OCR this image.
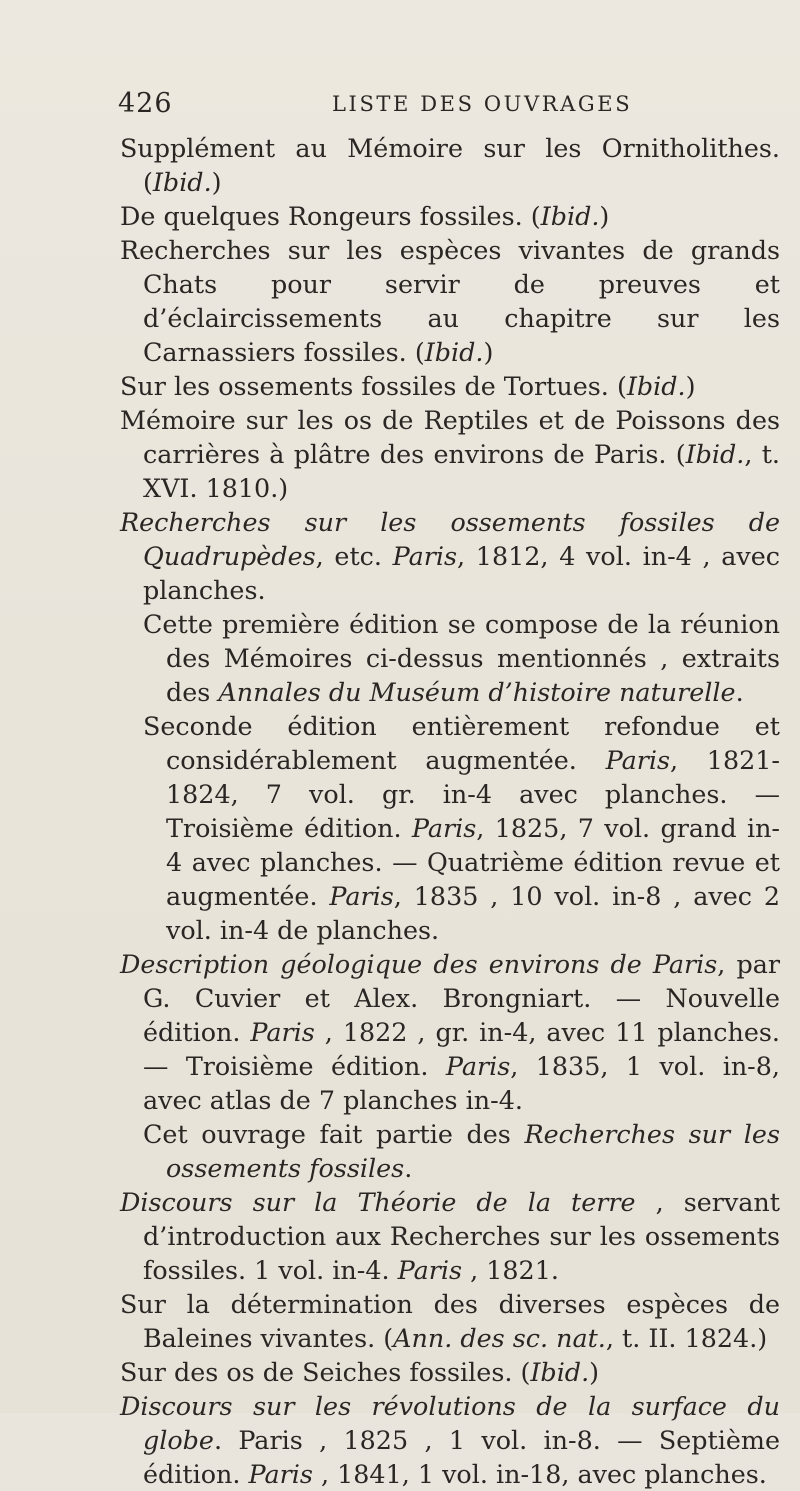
426	LISTE DES OUVRAGES

Supplément au Mémoire sur les Ornitholithes. (Ibid.)

De quelques Rongeurs fossiles. (Ibid.)

Recherches sur les espèces vivantes de grands Chats pour servir de preuves et d’éclaircissements au chapitre sur les Carnassiers fossiles. (Ibid.)

Sur les ossements fossiles de Tortues. (Ibid.)

Mémoire sur les os de Reptiles et de Poissons des carrières à plâtre des environs de Paris. (Ibid., t. XVI. 1810.)

Recherches sur les ossements fossiles de Quadrupèdes, etc. Paris, 1812, 4 vol. in-4 , avec planches.

Cette première édition se compose de la réunion des Mémoires ci-dessus mentionnés , extraits des Annales du Muséum d’histoire naturelle.

Seconde édition entièrement refondue et considérablement augmentée. Paris, 1821-1824, 7 vol. gr. in-4 avec planches. — Troisième édition. Paris, 1825, 7 vol. grand in-4 avec planches. — Quatrième édition revue et augmentée. Paris, 1835 , 10 vol. in-8 , avec 2 vol. in-4 de planches.

Description géologique des environs de Paris, par G. Cuvier et Alex. Brongniart. — Nouvelle édition. Paris , 1822 , gr. in-4, avec 11 planches. — Troisième édition. Paris, 1835, 1 vol. in-8, avec atlas de 7 planches in-4.

Cet ouvrage fait partie des Recherches sur les ossements fossiles.

Discours sur la Théorie de la terre , servant d’introduction aux Recherches sur les ossements fossiles. 1 vol. in-4. Paris , 1821.

Sur la détermination des diverses espèces de Baleines vivantes. (Ann. des sc. nat., t. II. 1824.)

Sur des os de Seiches fossiles. (Ibid.)

Discours sur les révolutions de la surface du globe. Paris , 1825 , 1 vol. in-8. — Septième édition. Paris , 1841, 1 vol. in-18, avec planches.
